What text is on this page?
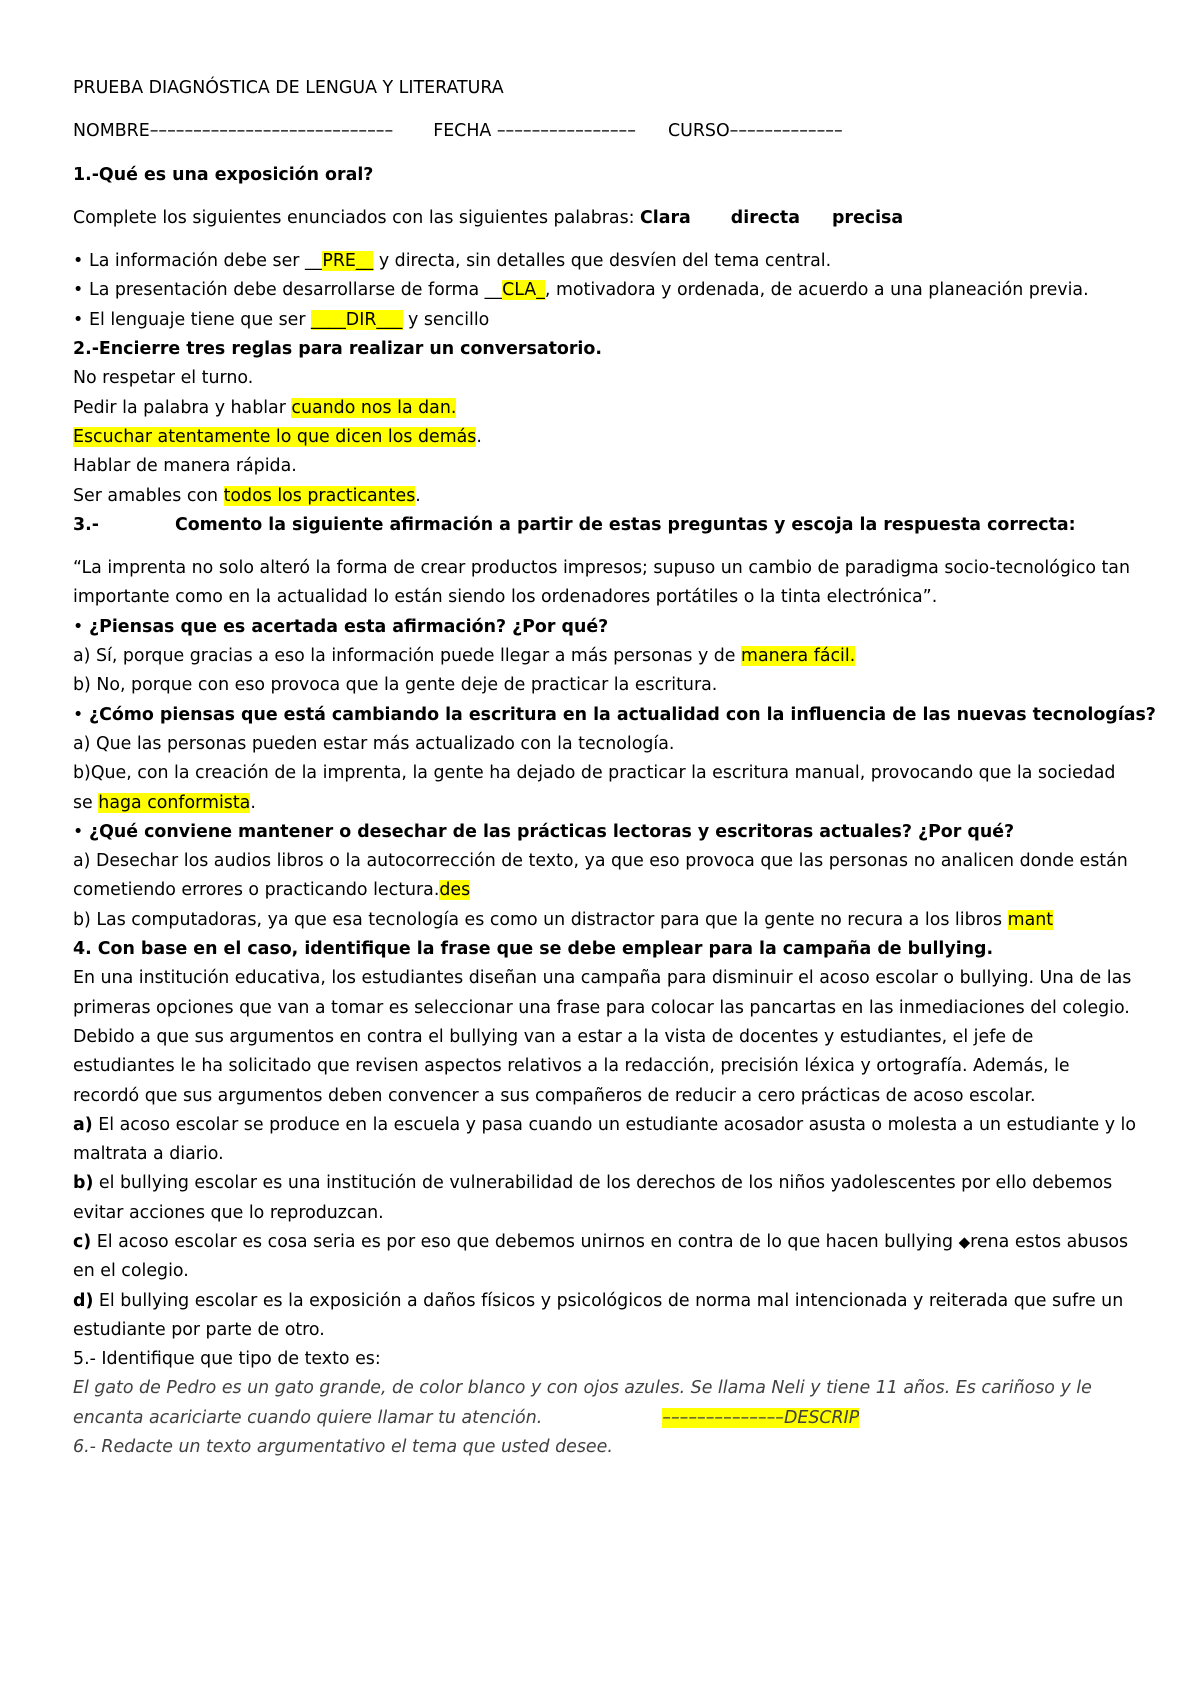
PRUEBA DIAGNÓSTICA DE LENGUA Y LITERATURA
NOMBRE–––––––––––––––––––––––––––– FECHA –––––––––––––––– CURSO–––––––––––––
1.-Qué es una exposición oral?
Complete los siguientes enunciados con las siguientes palabras: Clara directa precisa
• La información debe ser __PRE__ y directa, sin detalles que desvíen del tema central.
• La presentación debe desarrollarse de forma __CLA_, motivadora y ordenada, de acuerdo a una planeación previa.
• El lenguaje tiene que ser ____DIR___ y sencillo
2.-Encierre tres reglas para realizar un conversatorio.
No respetar el turno.
Pedir la palabra y hablar cuando nos la dan.
Escuchar atentamente lo que dicen los demás.
Hablar de manera rápida.
Ser amables con todos los practicantes.
3.-	Comento la siguiente afirmación a partir de estas preguntas y escoja la respuesta correcta:
“La imprenta no solo alteró la forma de crear productos impresos; supuso un cambio de paradigma socio-tecnológico tan importante como en la actualidad lo están siendo los ordenadores portátiles o la tinta electrónica”.
• ¿Piensas que es acertada esta afirmación? ¿Por qué?
a) Sí, porque gracias a eso la información puede llegar a más personas y de manera fácil.
b) No, porque con eso provoca que la gente deje de practicar la escritura.
• ¿Cómo piensas que está cambiando la escritura en la actualidad con la influencia de las nuevas tecnologías?
a) Que las personas pueden estar más actualizado con la tecnología.
b)Que, con la creación de la imprenta, la gente ha dejado de practicar la escritura manual, provocando que la sociedad se haga conformista.
• ¿Qué conviene mantener o desechar de las prácticas lectoras y escritoras actuales? ¿Por qué?
a) Desechar los audios libros o la autocorrección de texto, ya que eso provoca que las personas no analicen donde están cometiendo errores o practicando lectura.des
b) Las computadoras, ya que esa tecnología es como un distractor para que la gente no recura a los libros mant
4. Con base en el caso, identifique la frase que se debe emplear para la campaña de bullying.
En una institución educativa, los estudiantes diseñan una campaña para disminuir el acoso escolar o bullying. Una de las primeras opciones que van a tomar es seleccionar una frase para colocar las pancartas en las inmediaciones del colegio. Debido a que sus argumentos en contra el bullying van a estar a la vista de docentes y estudiantes, el jefe de estudiantes le ha solicitado que revisen aspectos relativos a la redacción, precisión léxica y ortografía. Además, le recordó que sus argumentos deben convencer a sus compañeros de reducir a cero prácticas de acoso escolar.
a) El acoso escolar se produce en la escuela y pasa cuando un estudiante acosador asusta o molesta a un estudiante y lo maltrata a diario.
b) el bullying escolar es una institución de vulnerabilidad de los derechos de los niños yadolescentes por ello debemos evitar acciones que lo reproduzcan.
c) El acoso escolar es cosa seria es por eso que debemos unirnos en contra de lo que hacen bullying ◆rena estos abusos en el colegio.
d) El bullying escolar es la exposición a daños físicos y psicológicos de norma mal intencionada y reiterada que sufre un estudiante por parte de otro.
5.- Identifique que tipo de texto es:
El gato de Pedro es un gato grande, de color blanco y con ojos azules. Se llama Neli y tiene 11 años. Es cariñoso y le encanta acariciarte cuando quiere llamar tu atención.	––––––––––––––DESCRIP
6.- Redacte un texto argumentativo el tema que usted desee.
